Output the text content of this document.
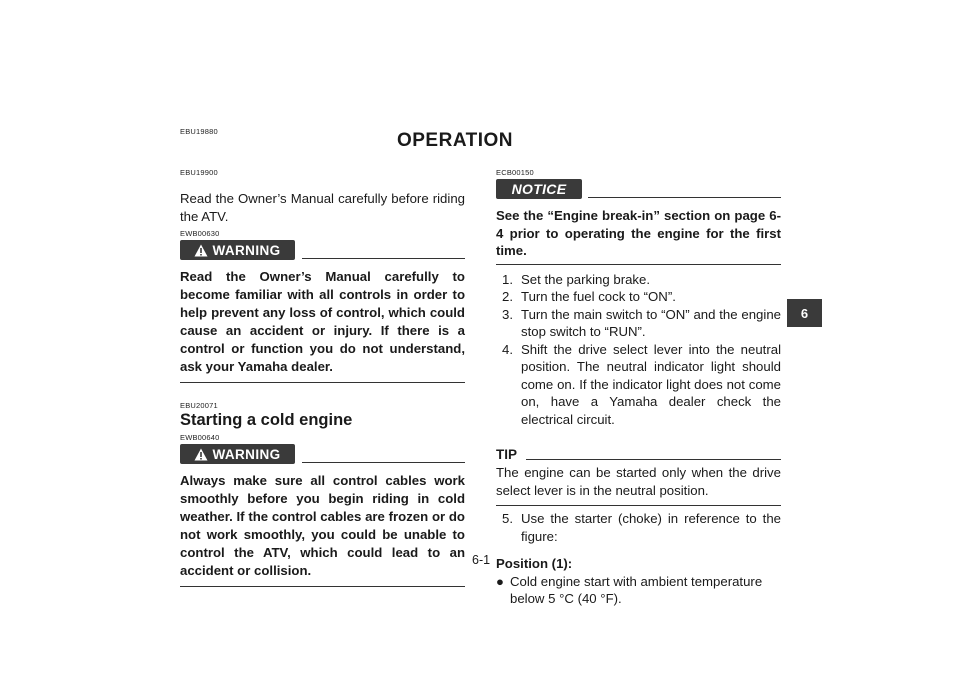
EBU19880	OPERATION
EBU19900
Read the Owner’s Manual carefully before riding the ATV.
EWB00630
WARNING
Read the Owner’s Manual carefully to become familiar with all controls in order to help prevent any loss of control, which could cause an accident or injury. If there is a control or function you do not understand, ask your Yamaha dealer.
EBU20071
Starting a cold engine
EWB00640
WARNING
Always make sure all control cables work smoothly before you begin riding in cold weather. If the control cables are frozen or do not work smoothly, you could be unable to control the ATV, which could lead to an accident or collision.
ECB00150
NOTICE
See the “Engine break-in” section on page 6-4 prior to operating the engine for the first time.
1. Set the parking brake.
2. Turn the fuel cock to “ON”.
3. Turn the main switch to “ON” and the engine stop switch to “RUN”.
4. Shift the drive select lever into the neutral position. The neutral indicator light should come on. If the indicator light does not come on, have a Yamaha dealer check the electrical circuit.
TIP
The engine can be started only when the drive select lever is in the neutral position.
5. Use the starter (choke) in reference to the figure:
Position (1):
● Cold engine start with ambient temperature below 5 °C (40 °F).
6-1
6
